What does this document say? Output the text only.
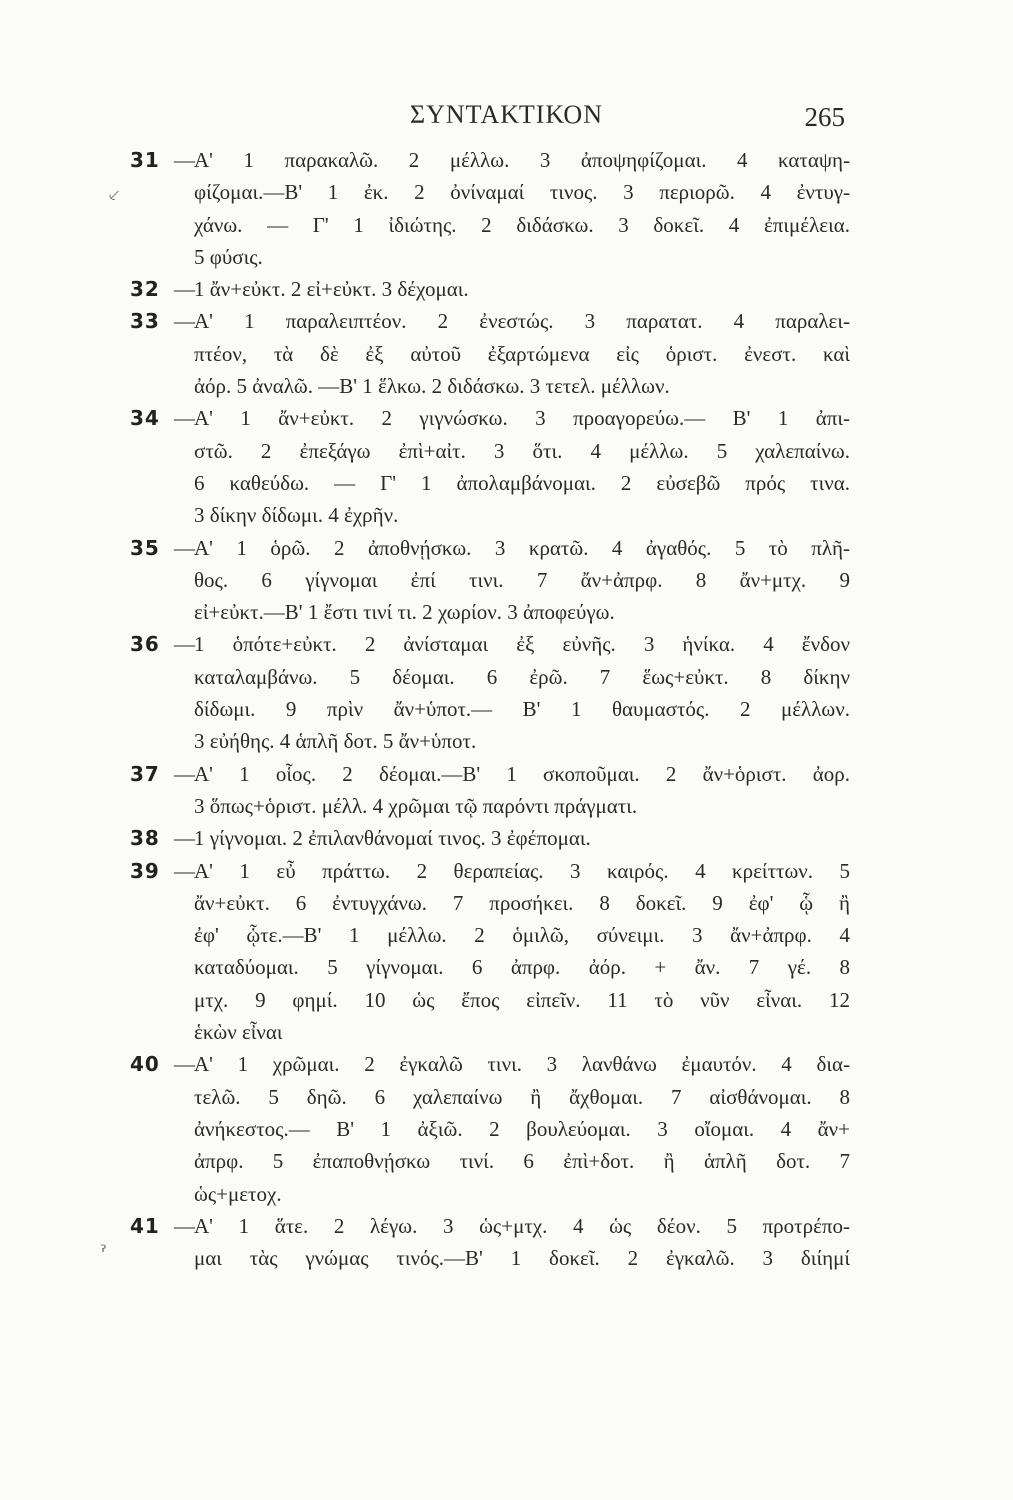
ΣΥΝΤΑΚΤΙΚΟΝ	265
⸔
ˀ
31 — Α' 1 παρακαλῶ. 2 μέλλω. 3 ἀποψηφίζομαι. 4 καταψη-
φίζομαι.—Β' 1 ἐκ. 2 ὀνίναμαί τινος. 3 περιορῶ. 4 ἐντυγ-
χάνω. — Γ' 1 ἰδιώτης. 2 διδάσκω. 3 δοκεῖ. 4 ἐπιμέλεια.
5 φύσις.
32 — 1 ἄν+εὐκτ. 2 εἰ+εὐκτ. 3 δέχομαι.
33 — Α' 1 παραλειπτέον. 2 ἐνεστώς. 3 παρατατ. 4 παραλει-
πτέον, τὰ δὲ ἐξ αὐτοῦ ἐξαρτώμενα εἰς ὁριστ. ἐνεστ. καὶ
ἀόρ. 5 ἀναλῶ. —Β' 1 ἕλκω. 2 διδάσκω. 3 τετελ. μέλλων.
34 — Α' 1 ἄν+εὐκτ. 2 γιγνώσκω. 3 προαγορεύω.— Β' 1 ἀπι-
στῶ. 2 ἐπεξάγω ἐπὶ+αἰτ. 3 ὅτι. 4 μέλλω. 5 χαλεπαίνω.
6 καθεύδω. — Γ' 1 ἀπολαμβάνομαι. 2 εὐσεβῶ πρός τινα.
3 δίκην δίδωμι. 4 ἐχρῆν.
35 — Α' 1 ὁρῶ. 2 ἀποθνῄσκω. 3 κρατῶ. 4 ἀγαθός. 5 τὸ πλῆ-
θος. 6 γίγνομαι ἐπί τινι. 7 ἄν+ἀπρφ. 8 ἄν+μτχ. 9
εἰ+εὐκτ.—Β' 1 ἔστι τινί τι. 2 χωρίον. 3 ἀποφεύγω.
36 — 1 ὁπότε+εὐκτ. 2 ἀνίσταμαι ἐξ εὐνῆς. 3 ἡνίκα. 4 ἔνδον
καταλαμβάνω. 5 δέομαι. 6 ἐρῶ. 7 ἕως+εὐκτ. 8 δίκην
δίδωμι. 9 πρὶν ἄν+ὑποτ.— Β' 1 θαυμαστός. 2 μέλλων.
3 εὐήθης. 4 ἁπλῆ δοτ. 5 ἄν+ὑποτ.
37 — Α' 1 οἷος. 2 δέομαι.—Β' 1 σκοποῦμαι. 2 ἄν+ὁριστ. ἀορ.
3 ὅπως+ὁριστ. μέλλ. 4 χρῶμαι τῷ παρόντι πράγματι.
38 — 1 γίγνομαι. 2 ἐπιλανθάνομαί τινος. 3 ἐφέπομαι.
39 — Α' 1 εὖ πράττω. 2 θεραπείας. 3 καιρός. 4 κρείττων. 5
ἄν+εὐκτ. 6 ἐντυγχάνω. 7 προσήκει. 8 δοκεῖ. 9 ἐφ' ᾧ ἢ
ἐφ' ᾧτε.—Β' 1 μέλλω. 2 ὁμιλῶ, σύνειμι. 3 ἄν+ἀπρφ. 4
καταδύομαι. 5 γίγνομαι. 6 ἀπρφ. ἀόρ. + ἄν. 7 γέ. 8
μτχ. 9 φημί. 10 ὡς ἔπος εἰπεῖν. 11 τὸ νῦν εἶναι. 12
ἑκὼν εἶναι
40 — Α' 1 χρῶμαι. 2 ἐγκαλῶ τινι. 3 λανθάνω ἐμαυτόν. 4 δια-
τελῶ. 5 δηῶ. 6 χαλεπαίνω ἢ ἄχθομαι. 7 αἰσθάνομαι. 8
ἀνήκεστος.— Β' 1 ἀξιῶ. 2 βουλεύομαι. 3 οἴομαι. 4 ἄν+
ἀπρφ. 5 ἐπαποθνῄσκω τινί. 6 ἐπὶ+δοτ. ἢ ἁπλῆ δοτ. 7
ὡς+μετοχ.
41 — Α' 1 ἅτε. 2 λέγω. 3 ὡς+μτχ. 4 ὡς δέον. 5 προτρέπο-
μαι τὰς γνώμας τινός.—Β' 1 δοκεῖ. 2 ἐγκαλῶ. 3 διίημί
